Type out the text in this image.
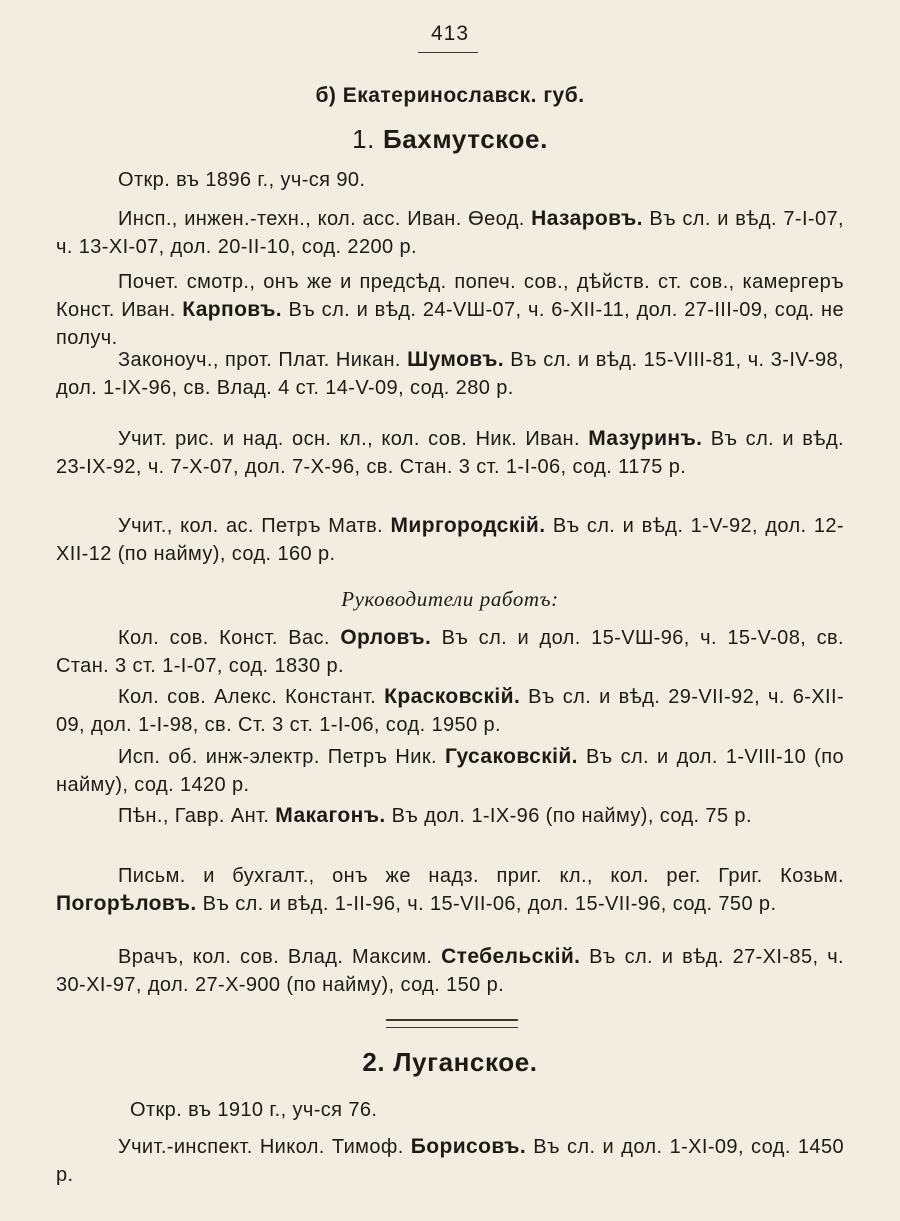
413
б) Екатеринославск. губ.
1. Бахмутское.

Откр. въ 1896 г., уч-ся 90.

Инсп., инжен.-техн., кол. асс. Иван. Өеод. Назаровъ. Въ сл. и вѣд. 7-I-07, ч. 13-XI-07, дол. 20-II-10, сод. 2200 р.

Почет. смотр., онъ же и предсѣд. попеч. сов., дѣйств. ст. сов., камергеръ Конст. Иван. Карповъ. Въ сл. и вѣд. 24-VШ-07, ч. 6-XII-11, дол. 27-III-09, сод. не получ.

Законоуч., прот. Плат. Никан. Шумовъ. Въ сл. и вѣд. 15-VIII-81, ч. 3-IV-98, дол. 1-IX-96, св. Влад. 4 ст. 14-V-09, сод. 280 р.

Учит. рис. и над. осн. кл., кол. сов. Ник. Иван. Мазуринъ. Въ сл. и вѣд. 23-IX-92, ч. 7-X-07, дол. 7-X-96, св. Стан. 3 ст. 1-I-06, сод. 1175 р.

Учит., кол. ас. Петръ Матв. Миргородскій. Въ сл. и вѣд. 1-V-92, дол. 12-XII-12 (по найму), сод. 160 р.

Руководители работъ:

Кол. сов. Конст. Вас. Орловъ. Въ сл. и дол. 15-VШ-96, ч. 15-V-08, св. Стан. 3 ст. 1-I-07, сод. 1830 р.

Кол. сов. Алекс. Констант. Красковскій. Въ сл. и вѣд. 29-VII-92, ч. 6-XII-09, дол. 1-I-98, св. Ст. 3 ст. 1-I-06, сод. 1950 р.

Исп. об. инж-электр. Петръ Ник. Гусаковскій. Въ сл. и дол. 1-VIII-10 (по найму), сод. 1420 р.

Пѣн., Гавр. Ант. Макагонъ. Въ дол. 1-IX-96 (по найму), сод. 75 р.

Письм. и бухгалт., онъ же надз. приг. кл., кол. рег. Григ. Козьм. Погорѣловъ. Въ сл. и вѣд. 1-II-96, ч. 15-VII-06, дол. 15-VII-96, сод. 750 р.

Врачъ, кол. сов. Влад. Максим. Стебельскій. Въ сл. и вѣд. 27-XI-85, ч. 30-XI-97, дол. 27-X-900 (по найму), сод. 150 р.

2. Луганское.

Откр. въ 1910 г., уч-ся 76.

Учит.-инспект. Никол. Тимоф. Борисовъ. Въ сл. и дол. 1-XI-09, сод. 1450 р.
